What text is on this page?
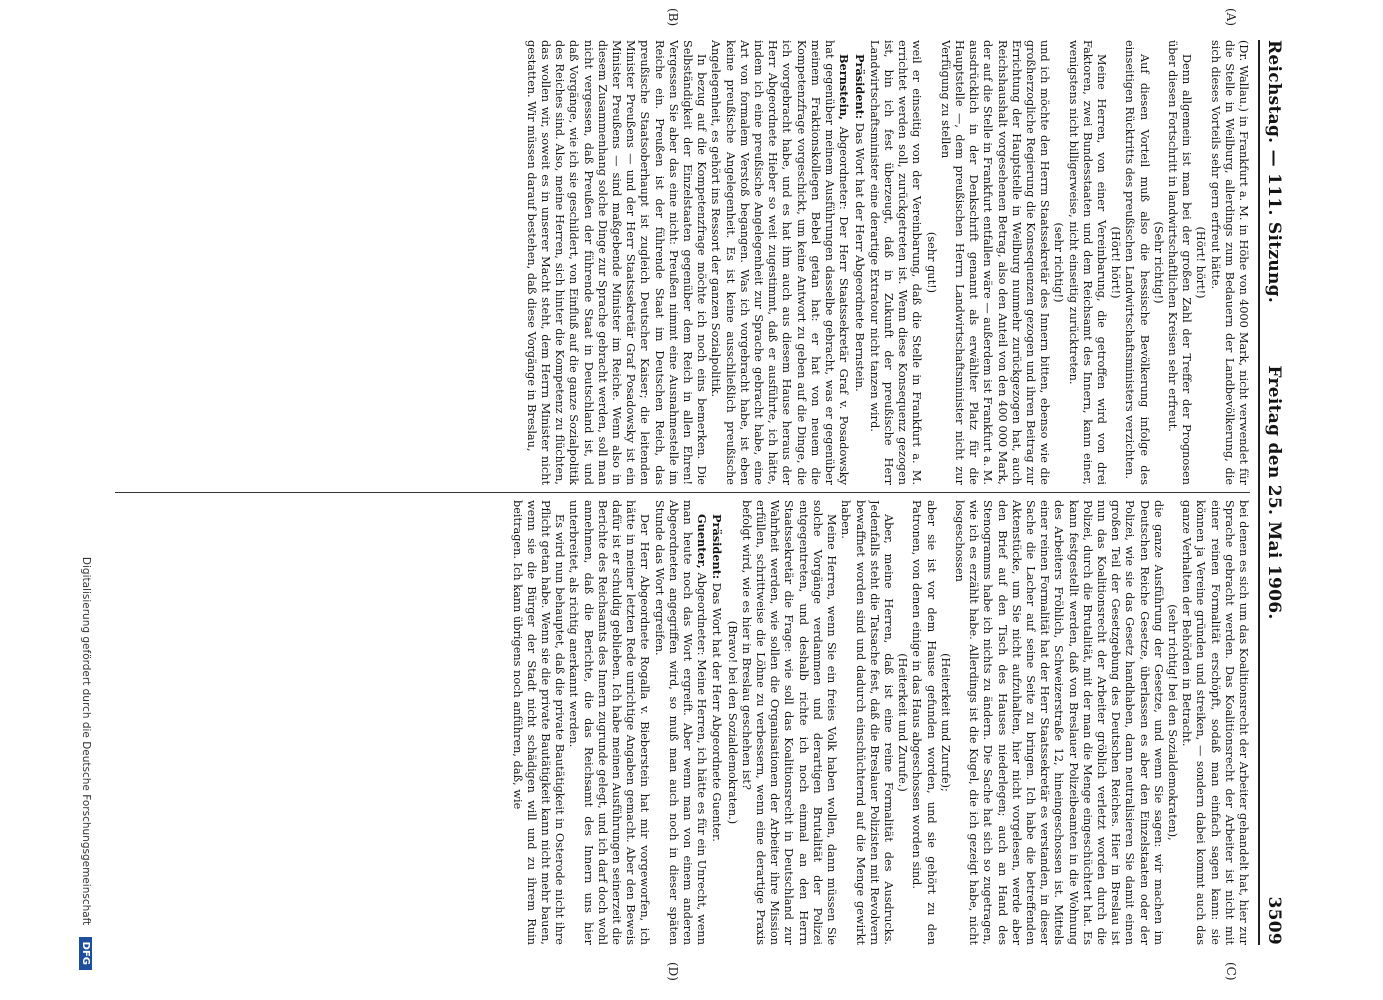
Reichstag. — 111. Sitzung.
Freitag den 25. Mai 1906.
3509
(A)
(B)
(C)
(D)

(Dr. Wallau.) in Frankfurt a. M. in Höhe von 4000 Mark, nicht verwendet für die Stelle in Weilburg, allerdings zum Bedauern der Landbevölkerung, die sich dieses Vorteils sehr gern erfreut hätte.

(Hört! hört!)

Denn allgemein ist man bei der großen Zahl der Treffer der Prognosen über diesen Fortschritt in landwirtschaftlichen Kreisen sehr erfreut.

(Sehr richtig!)

Auf diesen Vorteil muß also die hessische Bevölkerung infolge des einseitigen Rücktritts des preußischen Landwirtschaftsministers verzichten.

(Hört! hört!)

Meine Herren, von einer Vereinbarung, die getroffen wird von drei Faktoren, zwei Bundesstaaten und dem Reichsamt des Innern, kann einer, wenigstens nicht billigerweise, nicht einseitig zurücktreten.

(sehr richtig!)

und ich möchte den Herrn Staatssekretär des Innern bitten, ebenso wie die großherzogliche Regierung die Konsequenzen gezogen und ihren Beitrag zur Errichtung der Hauptstelle in Weilburg nunmehr zurückgezogen hat, auch Reichshaushalt vorgesehenen Betrag, also den Anteil von den 400 000 Mark, der auf die Stelle in Frankfurt entfallen wäre — außerdem ist Frankfurt a. M. ausdrücklich in der Denkschrift genannt als erwählter Platz für die Hauptstelle —, dem preußischen Herrn Landwirtschaftsminister nicht zur Verfügung zu stellen

(sehr gut!)

weil er einseitig von der Vereinbarung, daß die Stelle in Frankfurt a. M. errichtet werden soll, zurückgetreten ist. Wenn diese Konsequenz gezogen ist, bin ich fest überzeugt, daß in Zukunft der preußische Herr Landwirtschaftsminister eine derartige Extratour nicht tanzen wird.

Präsident: Das Wort hat der Herr Abgeordnete Bernstein.

Bernstein, Abgeordneter: Der Herr Staatssekretär Graf v. Posadowsky hat gegenüber meinem Ausführungen dasselbe gebracht, was er gegenüber meinem Fraktionskollegen Bebel getan hat: er hat von neuem die Kompetenzfrage vorgeschickt, um keine Antwort zu geben auf die Dinge, die ich vorgebracht habe, und es hat ihm auch aus diesem Hause heraus der Herr Abgeordnete Hieber so weit zugestimmt, daß er ausführte, ich hätte, indem ich eine preußische Angelegenheit zur Sprache gebracht habe, eine Art von formalem Verstoß begangen. Was ich vorgebracht habe, ist eben keine preußische Angelegenheit. Es ist keine ausschließlich preußische Angelegenheit, es gehört ins Ressort der ganzen Sozialpolitik.

In bezug auf die Kompetenzfrage möchte ich noch eins bemerken. Die Selbständigkeit der Einzelstaaten gegenüber dem Reich in allen Ehren! Vergessen Sie aber das eine nicht: Preußen nimmt eine Ausnahmestelle im Reiche ein. Preußen ist der führende Staat im Deutschen Reich, das preußische Staatsoberhaupt ist zugleich Deutscher Kaiser; die leitenden Minister Preußens — und der Herr Staatssekretär Graf Posadowsky ist ein Minister Preußens — sind maßgebende Minister im Reiche. Wenn also in diesem Zusammenhang solche Dinge zur Sprache gebracht werden, soll man nicht vergessen, daß Preußen der führende Staat in Deutschland ist, und daß Vorgänge, wie ich sie geschildert, von Einfluß auf die ganze Sozialpolitik des Reiches sind. Also, meine Herren, sich hinter die Kompetenz zu flüchten, das wollen wir, soweit es in unserer Macht steht, dem Herrn Minister nicht gestatten. Wir müssen darauf bestehen, daß diese Vorgänge in Breslau,

bei denen es sich um das Koalitionsrecht der Arbeiter gehandelt hat, hier zur Sprache gebracht werden. Das Koalitionsrecht der Arbeiter ist nicht mit einer reinen Formalität erschöpft, sodaß man einfach sagen kann: sie können ja Vereine gründen und streiken, — sondern dabei kommt auch das ganze Verhalten der Behörden in Betracht.

(sehr richtig! bei den Sozialdemokraten),

die ganze Ausführung der Gesetze, und wenn Sie sagen: wir machen im Deutschen Reiche Gesetze, überlassen es aber den Einzelstaaten oder der Polizei, wie sie das Gesetz handhaben, dann neutralisieren Sie damit einen großen Teil der Gesetzgebung des Deutschen Reiches. Hier in Breslau ist nun das Koalitionsrecht der Arbeiter gröblich verletzt worden durch die Polizei, durch die Brutalität, mit der man die Menge eingeschüchtert hat. Es kann festgestellt werden, daß von Breslauer Polizeibeamten in die Wohnung des Arbeiters Fröhlich, Schweizerstraße 12, hineingeschossen ist. Mittels einer reinen Formalität hat der Herr Staatssekretär es verstanden, in dieser Sache die Lacher auf seine Seite zu bringen. Ich habe die betreffenden Aktenstücke, um Sie nicht aufzuhalten, hier nicht vorgelesen, werde aber den Brief auf den Tisch des Hauses niederlegen; auch an Hand des Stenogramms habe ich nichts zu ändern. Die Sache hat sich so zugetragen, wie ich es erzählt habe. Allerdings ist die Kugel, die ich gezeigt habe, nicht losgeschossen

(Heiterkeit und Zurufe);

aber sie ist vor dem Hause gefunden worden, und sie gehört zu den Patronen, von denen einige in das Haus abgeschossen worden sind.

(Heiterkeit und Zurufe.)

Aber, meine Herren, daß ist eine reine Formalität des Ausdrucks. Jedenfalls steht die Tatsache fest, daß die Breslauer Polizisten mit Revolvern bewaffnet worden sind und dadurch einschüchternd auf die Menge gewirkt haben.

Meine Herren, wenn Sie ein freies Volk haben wollen, dann müssen Sie solche Vorgänge verdammen und derartigen Brutalität der Polizei entgegentreten, und deshalb richte ich noch einmal an den Herrn Staatssekretär die Frage: wie soll das Koalitionsrecht in Deutschland zur Wahrheit werden, wie sollen die Organisationen der Arbeiter ihre Mission erfüllen, schrittweise die Löhne zu verbessern, wenn eine derartige Praxis befolgt wird, wie es hier in Breslau geschehen ist?

(Bravo! bei den Sozialdemokraten.)

Präsident: Das Wort hat der Herr Abgeordnete Guenter.

Guenter, Abgeordneter: Meine Herren, ich hätte es für ein Unrecht, wenn man heute noch das Wort ergreift. Aber wenn man von einem anderen Abgeordneten angegriffen wird, so muß man auch noch in dieser späten Stunde das Wort ergreifen.

Der Herr Abgeordnete Rogalla v. Bieberstein hat mir vorgeworfen, ich hätte in meiner letzten Rede unrichtige Angaben gemacht. Aber den Beweis dafür ist er schuldig geblieben. Ich habe meinen Ausführungen seinerzeit die Berichte des Reichsamts des Innern zugrunde gelegt, und ich darf doch wohl annehmen, daß die Berichte, die das Reichsamt des Innern uns hier unterbreitet, als richtig anerkannt werden.

Es wird nun behauptet, daß die private Bautätigkeit in Osterode nicht ihre Pflicht getan habe. Wenn sie die private Bautätigkeit kann nicht mehr bauen, wenn sie die Bürger der Stadt nicht schädigen will und zu ihrem Ruin beitragen. Ich kann übrigens noch anführen, daß, wie

Digitalisierung gefördert durch die Deutsche Forschungsgemeinschaft DFG
